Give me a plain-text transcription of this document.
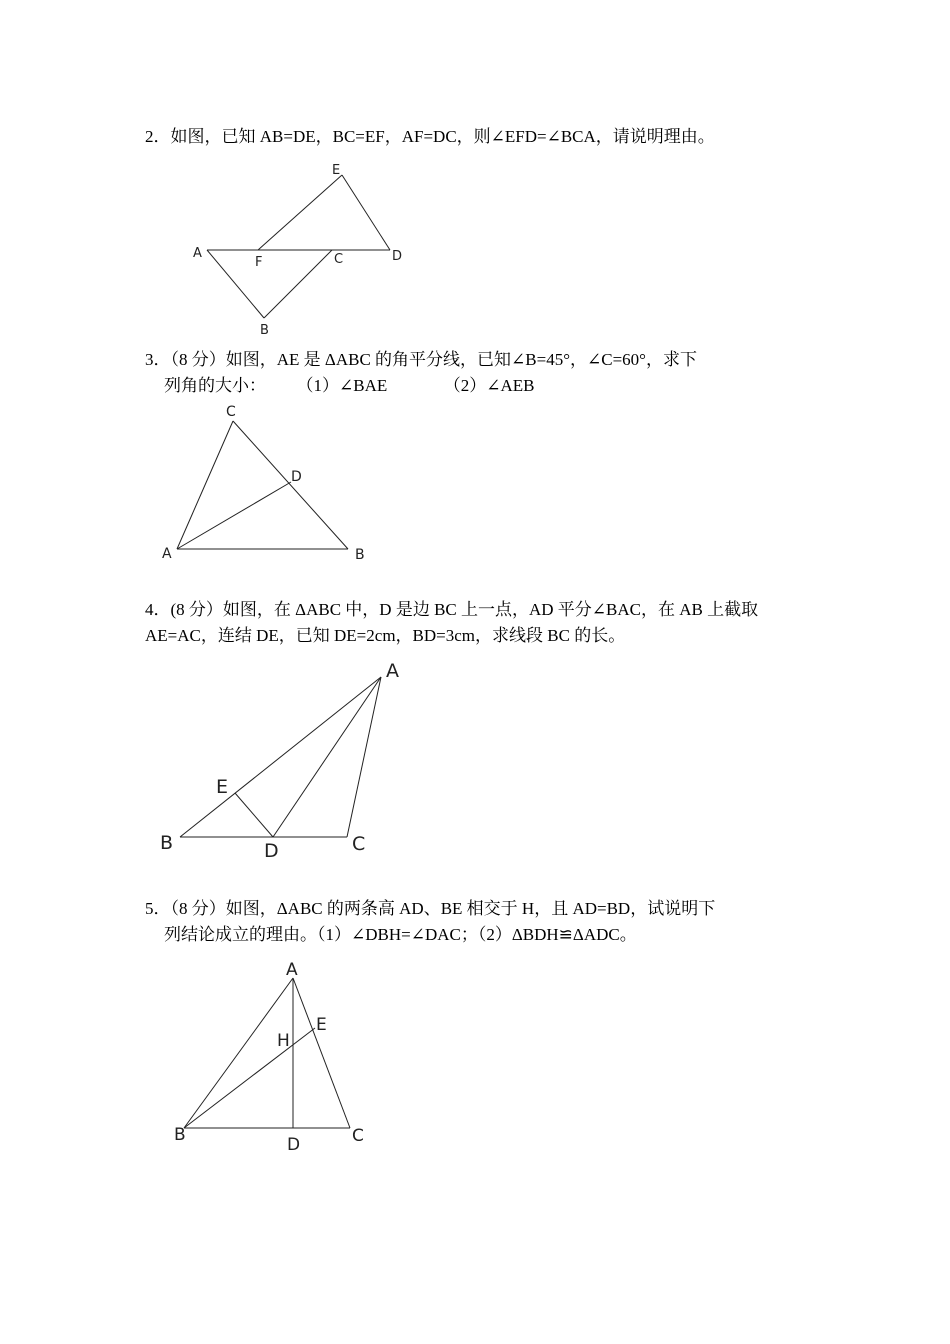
2．如图，已知 AB=DE，BC=EF，AF=DC，则∠EFD=∠BCA，请说明理由。

3．（8 分）如图，AE 是 ΔABC 的角平分线，已知∠B=45°，∠C=60°，求下

列角的大小： （1）∠BAE	（2）∠AEB

4．(8 分）如图，在 ΔABC 中，D 是边 BC 上一点，AD 平分∠BAC，在 AB 上截取

AE=AC，连结 DE，已知 DE=2cm，BD=3cm，求线段 BC 的长。

5．（8 分）如图，ΔABC 的两条高 AD、BE 相交于 H，且 AD=BD，试说明下

列结论成立的理由。（1）∠DBH=∠DAC；（2）ΔBDH≌ΔADC。

E
A
F	C	D
B
C
D
A	B
A
E
B	D	C
A
E
H
B	D	C
